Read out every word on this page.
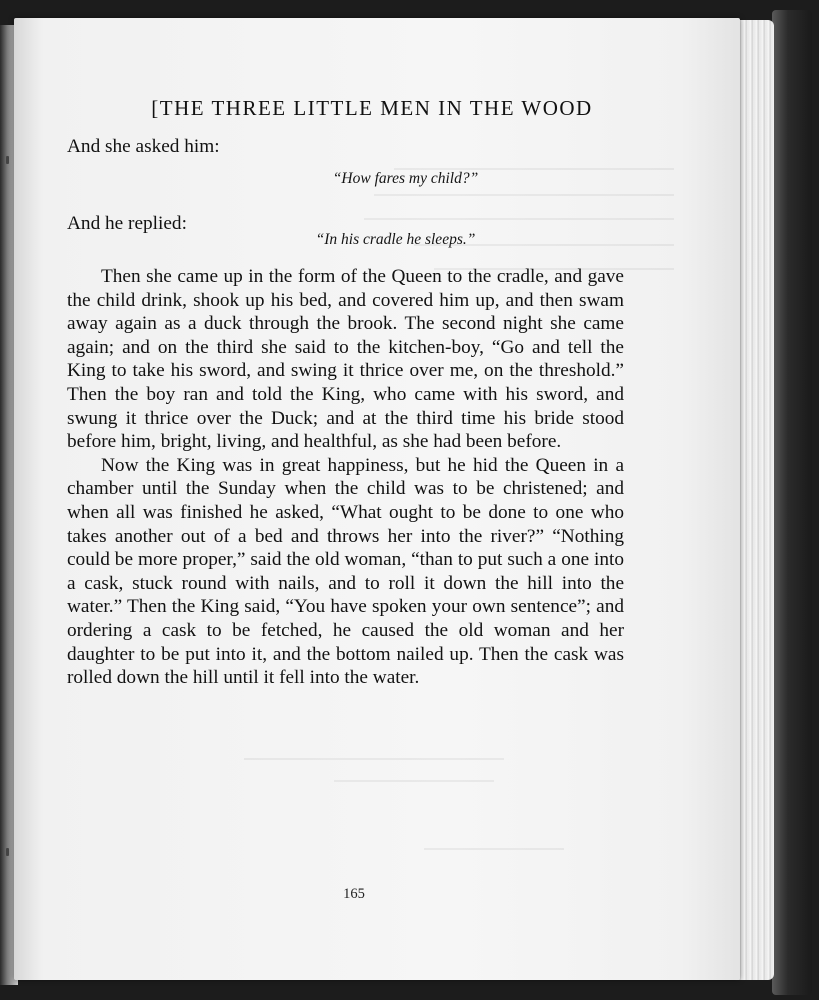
[THE THREE LITTLE MEN IN THE WOOD
And she asked him:
“How fares my child?”
And he replied:
“In his cradle he sleeps.”

Then she came up in the form of the Queen to the cradle, and gave the child drink, shook up his bed, and covered him up, and then swam away again as a duck through the brook. The second night she came again; and on the third she said to the kitchen-boy, “Go and tell the King to take his sword, and swing it thrice over me, on the threshold.” Then the boy ran and told the King, who came with his sword, and swung it thrice over the Duck; and at the third time his bride stood before him, bright, living, and healthful, as she had been before.

Now the King was in great happiness, but he hid the Queen in a chamber until the Sunday when the child was to be christened; and when all was finished he asked, “What ought to be done to one who takes another out of a bed and throws her into the river?” “Nothing could be more proper,” said the old woman, “than to put such a one into a cask, stuck round with nails, and to roll it down the hill into the water.” Then the King said, “You have spoken your own sentence”; and ordering a cask to be fetched, he caused the old woman and her daughter to be put into it, and the bottom nailed up. Then the cask was rolled down the hill until it fell into the water.

165
